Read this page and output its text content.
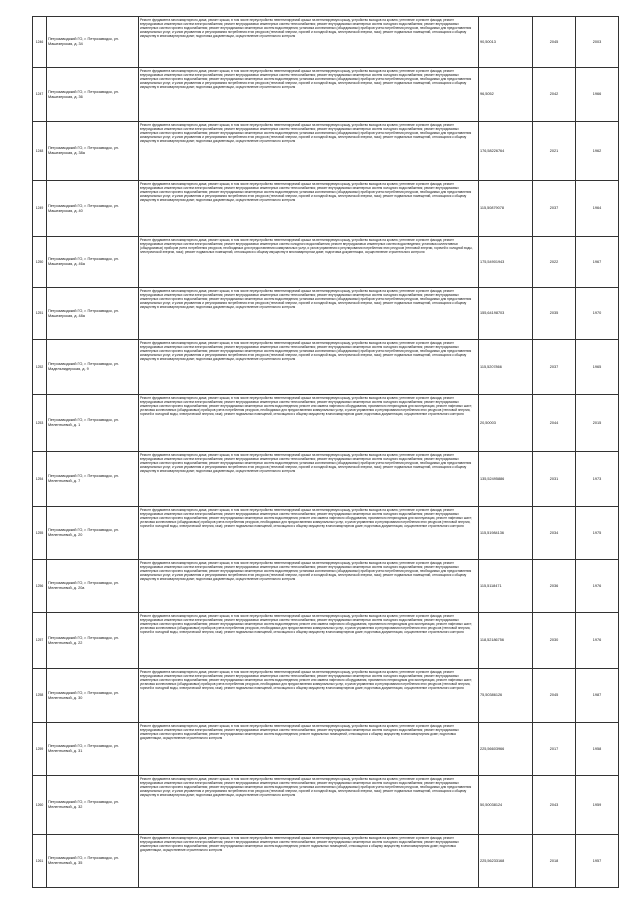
1246	Петрозаводский ГО, г. Петрозаводск, ул. Машезерская, д. 34	Ремонт фундамента многоквартирного дома; ремонт крыши, в том числе переустройство невентилируемой крыши на вентилируемую крышу, устройство выходов на кровлю; утепление и ремонт фасада; ремонт внутридомовых инженерных систем электроснабжения; ремонт внутридомовых инженерных систем теплоснабжения; ремонт внутридомовых инженерных систем холодного водоснабжения; ремонт внутридомовых инженерных систем горячего водоснабжения; ремонт внутридомовых инженерных систем водоотведения; установка коллективных (общедомовых) приборов учета потребления ресурсов, необходимых для предоставления коммунальных услуг, и узлов управления и регулирования потребления этих ресурсов (тепловой энергии, горячей и холодной воды, электрической энергии, газа); ремонт подвальных помещений, относящихся к общему имуществу в многоквартирном доме; подготовка документации, осуществление строительного контроля	90,50013	2045	2003
1247	Петрозаводский ГО, г. Петрозаводск, ул. Машезерская, д. 36	Ремонт фундамента многоквартирного дома; ремонт крыши, в том числе переустройство невентилируемой крыши на вентилируемую крышу, устройство выходов на кровлю; утепление и ремонт фасада; ремонт внутридомовых инженерных систем электроснабжения; ремонт внутридомовых инженерных систем теплоснабжения; ремонт внутридомовых инженерных систем холодного водоснабжения; ремонт внутридомовых инженерных систем горячего водоснабжения; ремонт внутридомовых инженерных систем водоотведения; установка коллективных (общедомовых) приборов учета потребления ресурсов, необходимых для предоставления коммунальных услуг, и узлов управления и регулирования потребления этих ресурсов (тепловой энергии, горячей и холодной воды, электрической энергии, газа); ремонт подвальных помещений, относящихся к общему имуществу в многоквартирном доме; подготовка документации, осуществление строительного контроля	96,5052	2042	1966
1248	Петрозаводский ГО, г. Петрозаводск, ул. Машезерская, д. 38а	Ремонт фундамента многоквартирного дома; ремонт крыши, в том числе переустройство невентилируемой крыши на вентилируемую крышу, устройство выходов на кровлю; утепление и ремонт фасада; ремонт внутридомовых инженерных систем электроснабжения; ремонт внутридомовых инженерных систем теплоснабжения; ремонт внутридомовых инженерных систем холодного водоснабжения; ремонт внутридомовых инженерных систем горячего водоснабжения; ремонт внутридомовых инженерных систем водоотведения; установка коллективных (общедомовых) приборов учета потребления ресурсов, необходимых для предоставления коммунальных услуг, и узлов управления и регулирования потребления этих ресурсов (тепловой энергии, горячей и холодной воды, электрической энергии, газа); ремонт подвальных помещений, относящихся к общему имуществу в многоквартирном доме; подготовка документации, осуществление строительного контроля	176,58226764	2021	1962
1249	Петрозаводский ГО, г. Петрозаводск, ул. Машезерская, д. 40	Ремонт фундамента многоквартирного дома; ремонт крыши, в том числе переустройство невентилируемой крыши на вентилируемую крышу, устройство выходов на кровлю; утепление и ремонт фасада; ремонт внутридомовых инженерных систем электроснабжения; ремонт внутридомовых инженерных систем теплоснабжения; ремонт внутридомовых инженерных систем холодного водоснабжения; ремонт внутридомовых инженерных систем горячего водоснабжения; ремонт внутридомовых инженерных систем водоотведения; установка коллективных (общедомовых) приборов учета потребления ресурсов, необходимых для предоставления коммунальных услуг, и узлов управления и регулирования потребления этих ресурсов (тепловой энергии, горячей и холодной воды, электрической энергии, газа); ремонт подвальных помещений, относящихся к общему имуществу в многоквартирном доме; подготовка документации, осуществление строительного контроля	115,50879078	2037	1964
1250	Петрозаводский ГО, г. Петрозаводск, ул. Машезерская, д. 46а	Ремонт фундамента многоквартирного дома; ремонт крыши, в том числе переустройство невентилируемой крыши на вентилируемую крышу, устройство выходов на кровлю; утепление и ремонт фасада; ремонт внутридомовых инженерных систем электроснабжения; ремонт внутридомовых инженерных систем холодного водоснабжения; ремонт внутридомовых инженерных систем водоотведения; установка коллективных (общедомовых) приборов учета потребления ресурсов, необходимых для предоставления коммунальных услуг, и узлов управления и регулирования потребления этих ресурсов (тепловой энергии, горячей и холодной воды, электрической энергии, газа); ремонт подвальных помещений, относящихся к общему имуществу в многоквартирном доме; подготовка документации, осуществление строительного контроля	175,54901943	2022	1967
1251	Петрозаводский ГО, г. Петрозаводск, ул. Машезерская, д. 48а	Ремонт фундамента многоквартирного дома; ремонт крыши, в том числе переустройство невентилируемой крыши на вентилируемую крышу, устройство выходов на кровлю; утепление и ремонт фасада; ремонт внутридомовых инженерных систем электроснабжения; ремонт внутридомовых инженерных систем теплоснабжения; ремонт внутридомовых инженерных систем холодного водоснабжения; ремонт внутридомовых инженерных систем горячего водоснабжения; ремонт внутридомовых инженерных систем водоотведения; установка коллективных (общедомовых) приборов учета потребления ресурсов, необходимых для предоставления коммунальных услуг, и узлов управления и регулирования потребления этих ресурсов (тепловой энергии, горячей и холодной воды, электрической энергии, газа); ремонт подвальных помещений, относящихся к общему имуществу в многоквартирном доме; подготовка документации, осуществление строительного контроля	155,64198703	2035	1970
1252	Петрозаводский ГО, г. Петрозаводск, ул. Мадельнидерская, д. 9	Ремонт фундамента многоквартирного дома; ремонт крыши, в том числе переустройство невентилируемой крыши на вентилируемую крышу, устройство выходов на кровлю; утепление и ремонт фасада; ремонт внутридомовых инженерных систем электроснабжения; ремонт внутридомовых инженерных систем теплоснабжения; ремонт внутридомовых инженерных систем холодного водоснабжения; ремонт внутридомовых инженерных систем горячего водоснабжения; ремонт внутридомовых инженерных систем водоотведения; установка коллективных (общедомовых) приборов учета потребления ресурсов, необходимых для предоставления коммунальных услуг, и узлов управления и регулирования потребления этих ресурсов (тепловой энергии, горячей и холодной воды, электрической энергии, газа); ремонт подвальных помещений, относящихся к общему имуществу в многоквартирном доме; подготовка документации, осуществление строительного контроля	115,5207866	2037	1965
1253	Петрозаводский ГО, г. Петрозаводск, ул. Мелентьевой, д. 1	Ремонт фундамента многоквартирного дома; ремонт крыши, в том числе переустройство невентилируемой крыши на вентилируемую крышу, устройство выходов на кровлю; утепление и ремонт фасада; ремонт внутридомовых инженерных систем электроснабжения; ремонт внутридомовых инженерных систем теплоснабжения; ремонт внутридомовых инженерных систем холодного водоснабжения; ремонт внутридомовых инженерных систем горячего водоснабжения; ремонт внутридомовых инженерных систем водоотведения; ремонт или замена лифтового оборудования, признанного непригодным для эксплуатации, ремонт лифтовых шахт; установка коллективных (общедомовых) приборов учета потребления ресурсов, необходимых для предоставления коммунальных услуг, и узлов управления и регулирования потребления этих ресурсов (тепловой энергии, горячей и холодной воды, электрической энергии, газа); ремонт подвальных помещений, относящихся к общему имуществу в многоквартирном доме; подготовка документации, осуществление строительного контроля	20,50003	2044	2015
1254	Петрозаводский ГО, г. Петрозаводск, ул. Мелентьевой, д. 7	Ремонт фундамента многоквартирного дома; ремонт крыши, в том числе переустройство невентилируемой крыши на вентилируемую крышу, устройство выходов на кровлю; утепление и ремонт фасада; ремонт внутридомовых инженерных систем электроснабжения; ремонт внутридомовых инженерных систем теплоснабжения; ремонт внутридомовых инженерных систем холодного водоснабжения; ремонт внутридомовых инженерных систем горячего водоснабжения; ремонт внутридомовых инженерных систем водоотведения; установка коллективных (общедомовых) приборов учета потребления ресурсов, необходимых для предоставления коммунальных услуг, и узлов управления и регулирования потребления этих ресурсов (тепловой энергии, горячей и холодной воды, электрической энергии, газа); ремонт подвальных помещений, относящихся к общему имуществу в многоквартирном доме; подготовка документации, осуществление строительного контроля	135,52495886	2031	1973
1255	Петрозаводский ГО, г. Петрозаводск, ул. Мелентьевой, д. 20	Ремонт фундамента многоквартирного дома; ремонт крыши, в том числе переустройство невентилируемой крыши на вентилируемую крышу, устройство выходов на кровлю; утепление и ремонт фасада; ремонт внутридомовых инженерных систем электроснабжения; ремонт внутридомовых инженерных систем теплоснабжения; ремонт внутридомовых инженерных систем холодного водоснабжения; ремонт внутридомовых инженерных систем горячего водоснабжения; ремонт внутридомовых инженерных систем водоотведения; ремонт или замена лифтового оборудования, признанного непригодным для эксплуатации, ремонт лифтовых шахт; установка коллективных (общедомовых) приборов учета потребления ресурсов, необходимых для предоставления коммунальных услуг, и узлов управления и регулирования потребления этих ресурсов (тепловой энергии, горячей и холодной воды, электрической энергии, газа); ремонт подвальных помещений, относящихся к общему имуществу в многоквартирном доме; подготовка документации, осуществление строительного контроля	115,51984136	2034	1975
1256	Петрозаводский ГО, г. Петрозаводск, ул. Мелентьевой, д. 20а	Ремонт фундамента многоквартирного дома; ремонт крыши, в том числе переустройство невентилируемой крыши на вентилируемую крышу, устройство выходов на кровлю; утепление и ремонт фасада; ремонт внутридомовых инженерных систем электроснабжения; ремонт внутридомовых инженерных систем теплоснабжения; ремонт внутридомовых инженерных систем холодного водоснабжения; ремонт внутридомовых инженерных систем горячего водоснабжения; ремонт внутридомовых инженерных систем водоотведения; установка коллективных (общедомовых) приборов учета потребления ресурсов, необходимых для предоставления коммунальных услуг, и узлов управления и регулирования потребления этих ресурсов (тепловой энергии, горячей и холодной воды, электрической энергии, газа); ремонт подвальных помещений, относящихся к общему имуществу в многоквартирном доме; подготовка документации, осуществление строительного контроля	115,5118471	2036	1976
1257	Петрозаводский ГО, г. Петрозаводск, ул. Мелентьевой, д. 22	Ремонт фундамента многоквартирного дома; ремонт крыши, в том числе переустройство невентилируемой крыши на вентилируемую крышу, устройство выходов на кровлю; утепление и ремонт фасада; ремонт внутридомовых инженерных систем электроснабжения; ремонт внутридомовых инженерных систем теплоснабжения; ремонт внутридомовых инженерных систем холодного водоснабжения; ремонт внутридомовых инженерных систем горячего водоснабжения; ремонт внутридомовых инженерных систем водоотведения; ремонт или замена лифтового оборудования, признанного непригодным для эксплуатации, ремонт лифтовых шахт; установка коллективных (общедомовых) приборов учета потребления ресурсов, необходимых для предоставления коммунальных услуг, и узлов управления и регулирования потребления этих ресурсов (тепловой энергии, горячей и холодной воды, электрической энергии, газа); ремонт подвальных помещений, относящихся к общему имуществу в многоквартирном доме; подготовка документации, осуществление строительного контроля	118,52186756	2030	1976
1258	Петрозаводский ГО, г. Петрозаводск, ул. Мелентьевой, д. 30	Ремонт фундамента многоквартирного дома; ремонт крыши, в том числе переустройство невентилируемой крыши на вентилируемую крышу, устройство выходов на кровлю; утепление и ремонт фасада; ремонт внутридомовых инженерных систем электроснабжения; ремонт внутридомовых инженерных систем теплоснабжения; ремонт внутридомовых инженерных систем холодного водоснабжения; ремонт внутридомовых инженерных систем горячего водоснабжения; ремонт внутридомовых инженерных систем водоотведения; ремонт или замена лифтового оборудования, признанного непригодным для эксплуатации, ремонт лифтовых шахт; установка коллективных (общедомовых) приборов учета потребления ресурсов, необходимых для предоставления коммунальных услуг, и узлов управления и регулирования потребления этих ресурсов (тепловой энергии, горячей и холодной воды, электрической энергии, газа); ремонт подвальных помещений, относящихся к общему имуществу в многоквартирном доме; подготовка документации, осуществление строительного контроля	75,50386126	2045	1987
1259	Петрозаводский ГО, г. Петрозаводск, ул. Мелентьевой, д. 31	Ремонт фундамента многоквартирного дома; ремонт крыши, в том числе переустройство невентилируемой крыши на вентилируемую крышу, устройство выходов на кровлю; утепление и ремонт фасада; ремонт внутридомовых инженерных систем электроснабжения; ремонт внутридомовых инженерных систем теплоснабжения; ремонт внутридомовых инженерных систем холодного водоснабжения; ремонт внутридомовых инженерных систем горячего водоснабжения; ремонт внутридомовых инженерных систем водоотведения; ремонт подвальных помещений, относящихся к общему имуществу в многоквартирном доме; подготовка документации, осуществление строительного контроля	225,56603966	2017	1958
1260	Петрозаводский ГО, г. Петрозаводск, ул. Мелентьевой, д. 32	Ремонт фундамента многоквартирного дома; ремонт крыши, в том числе переустройство невентилируемой крыши на вентилируемую крышу, устройство выходов на кровлю; утепление и ремонт фасада; ремонт внутридомовых инженерных систем электроснабжения; ремонт внутридомовых инженерных систем теплоснабжения; ремонт внутридомовых инженерных систем холодного водоснабжения; ремонт внутридомовых инженерных систем горячего водоснабжения; ремонт внутридомовых инженерных систем водоотведения; установка коллективных (общедомовых) приборов учета потребления ресурсов, необходимых для предоставления коммунальных услуг, и узлов управления и регулирования потребления этих ресурсов (тепловой энергии, горячей и холодной воды, электрической энергии, газа); ремонт подвальных помещений, относящихся к общему имуществу в многоквартирном доме; подготовка документации, осуществление строительного контроля	50,50038124	2043	1959
1261	Петрозаводский ГО, г. Петрозаводск, ул. Мелентьевой, д. 35	Ремонт фундамента многоквартирного дома; ремонт крыши, в том числе переустройство невентилируемой крыши на вентилируемую крышу, устройство выходов на кровлю; утепление и ремонт фасада; ремонт внутридомовых инженерных систем электроснабжения; ремонт внутридомовых инженерных систем теплоснабжения; ремонт внутридомовых инженерных систем холодного водоснабжения; ремонт внутридомовых инженерных систем горячего водоснабжения; ремонт внутридомовых инженерных систем водоотведения; ремонт подвальных помещений, относящихся к общему имуществу в многоквартирном доме; подготовка документации, осуществление строительного контроля	225,56233168	2018	1957
